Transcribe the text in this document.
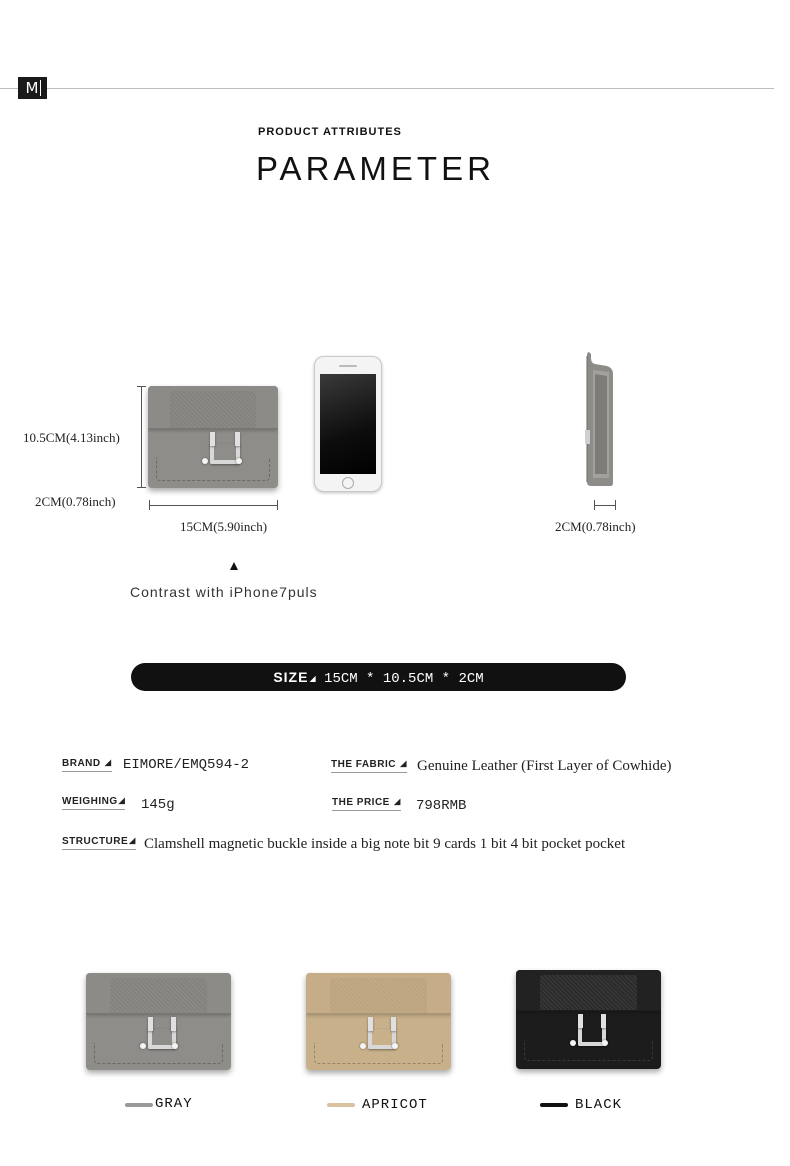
M
PRODUCT ATTRIBUTES
PARAMETER
10.5CM(4.13inch)
2CM(0.78inch)
15CM(5.90inch)	2CM(0.78inch)
Contrast with iPhone7puls
SIZE◢ 15CM * 10.5CM * 2CM
BRAND ◢ EIMORE/EMQ594-2	THE FABRIC ◢ Genuine Leather (First Layer of Cowhide)
WEIGHING◢ 145g	THE PRICE ◢ 798RMB
STRUCTURE◢ Clamshell magnetic buckle inside a big note bit 9 cards 1 bit 4 bit pocket pocket
GRAY	APRICOT	BLACK
